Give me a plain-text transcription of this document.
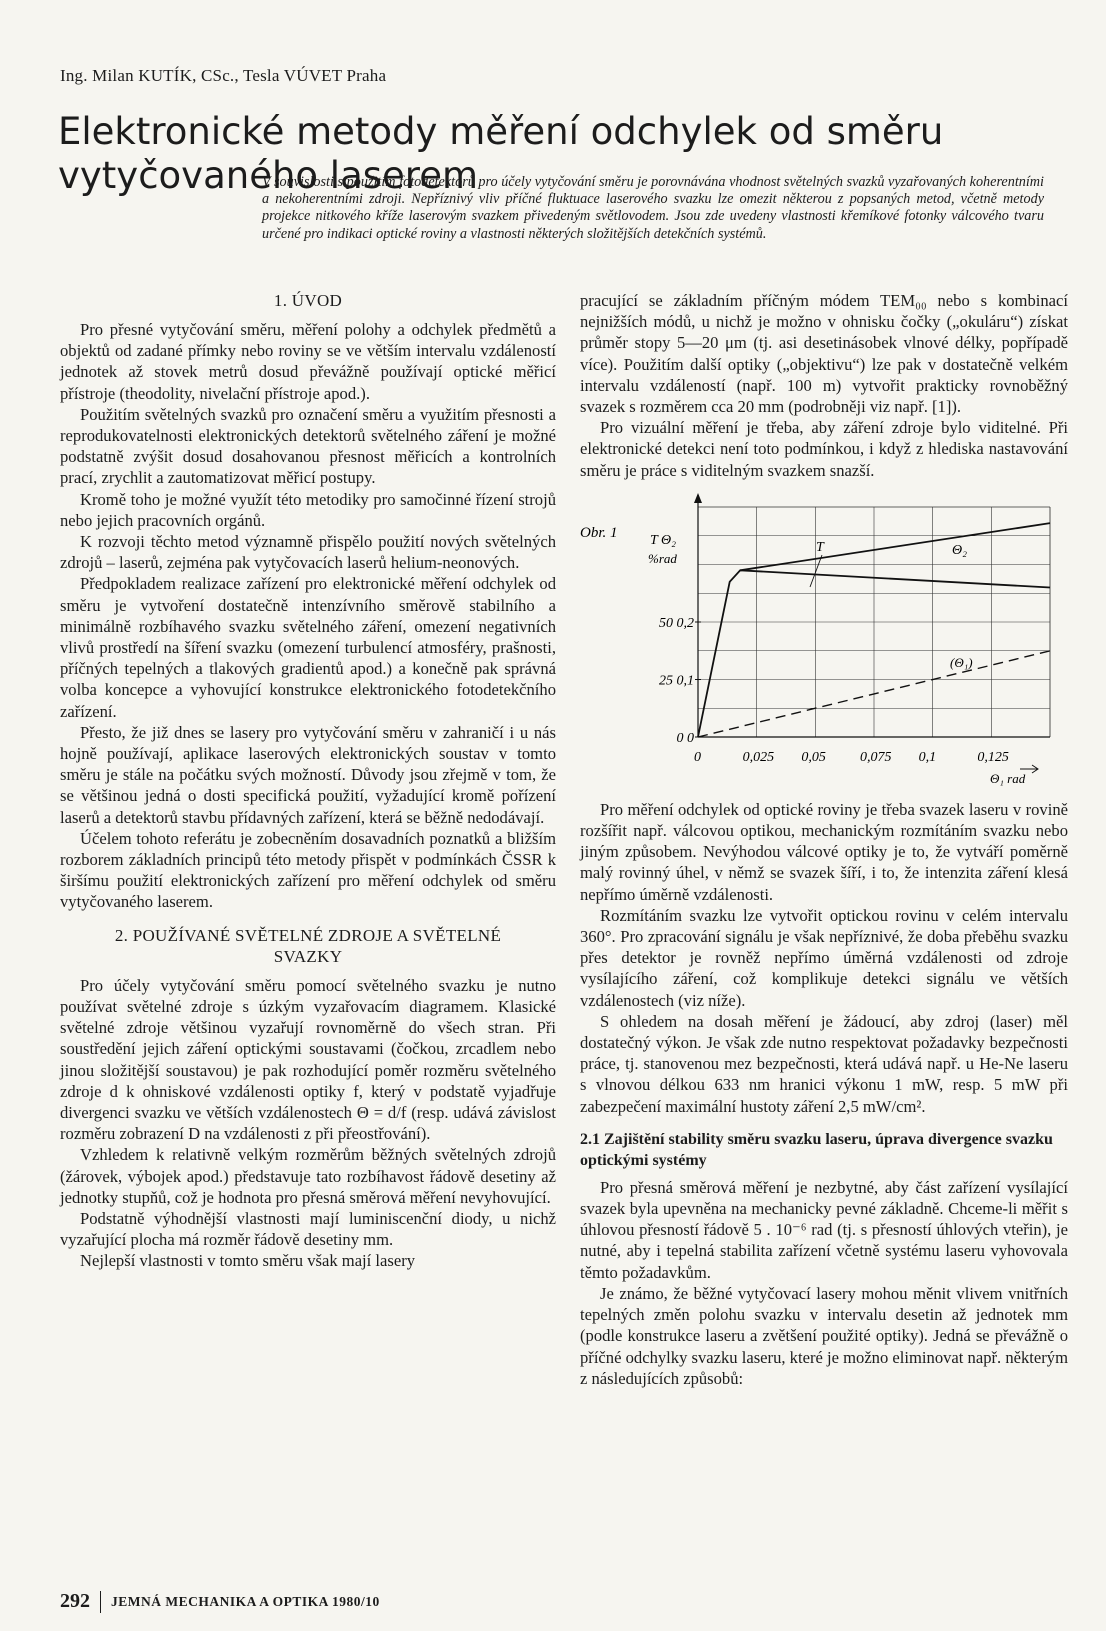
Ing. Milan KUTÍK, CSc., Tesla VÚVET Praha
Elektronické metody měření odchylek od směru vytyčovaného laserem

V souvislosti s použitím fotodetektorů pro účely vytyčování směru je porovnávána vhodnost světelných svazků vyzařovaných koherentními a nekoherentními zdroji. Nepříznivý vliv příčné fluktuace laserového svazku lze omezit některou z popsaných metod, včetně metody projekce nitkového kříže laserovým svazkem přivedeným světlovodem. Jsou zde uvedeny vlastnosti křemíkové fotonky válcového tvaru určené pro indikaci optické roviny a vlastnosti některých složitějších detekčních systémů.

1. ÚVOD

Pro přesné vytyčování směru, měření polohy a odchylek předmětů a objektů od zadané přímky nebo roviny se ve větším intervalu vzdáleností jednotek až stovek metrů dosud převážně používají optické měřicí přístroje (theodolity, nivelační přístroje apod.).

Použitím světelných svazků pro označení směru a využitím přesnosti a reprodukovatelnosti elektronických detektorů světelného záření je možné podstatně zvýšit dosud dosahovanou přesnost měřicích a kontrolních prací, zrychlit a zautomatizovat měřicí postupy.

Kromě toho je možné využít této metodiky pro samočinné řízení strojů nebo jejich pracovních orgánů.

K rozvoji těchto metod významně přispělo použití nových světelných zdrojů – laserů, zejména pak vytyčovacích laserů helium-neonových.

Předpokladem realizace zařízení pro elektronické měření odchylek od směru je vytvoření dostatečně intenzívního směrově stabilního a minimálně rozbíhavého svazku světelného záření, omezení negativních vlivů prostředí na šíření svazku (omezení turbulencí atmosféry, prašnosti, příčných tepelných a tlakových gradientů apod.) a konečně pak správná volba koncepce a vyhovující konstrukce elektronického fotodetekčního zařízení.

Přesto, že již dnes se lasery pro vytyčování směru v zahraničí i u nás hojně používají, aplikace laserových elektronických soustav v tomto směru je stále na počátku svých možností. Důvody jsou zřejmě v tom, že se většinou jedná o dosti specifická použití, vyžadující kromě pořízení laserů a detektorů stavbu přídavných zařízení, která se běžně nedodávají.

Účelem tohoto referátu je zobecněním dosavadních poznatků a bližším rozborem základních principů této metody přispět v podmínkách ČSSR k širšímu použití elektronických zařízení pro měření odchylek od směru vytyčovaného laserem.

2. POUŽÍVANÉ SVĚTELNÉ ZDROJE A SVĚTELNÉ
SVAZKY

Pro účely vytyčování směru pomocí světelného svazku je nutno používat světelné zdroje s úzkým vyzařovacím diagramem. Klasické světelné zdroje většinou vyzařují rovnoměrně do všech stran. Při soustředění jejich záření optickými soustavami (čočkou, zrcadlem nebo jinou složitější soustavou) je pak rozhodující poměr rozměru světelného zdroje d k ohniskové vzdálenosti optiky f, který v podstatě vyjadřuje divergenci svazku ve větších vzdálenostech Θ = d/f (resp. udává závislost rozměru zobrazení D na vzdálenosti z při přeostřování).

Vzhledem k relativně velkým rozměrům běžných světelných zdrojů (žárovek, výbojek apod.) představuje tato rozbíhavost řádově desetiny až jednotky stupňů, což je hodnota pro přesná směrová měření nevyhovující.

Podstatně výhodnější vlastnosti mají luminiscenční diody, u nichž vyzařující plocha má rozměr řádově desetiny mm.

Nejlepší vlastnosti v tomto směru však mají lasery

pracující se základním příčným módem TEM₀₀ nebo s kombinací nejnižších módů, u nichž je možno v ohnisku čočky („okuláru“) získat průměr stopy 5—20 μm (tj. asi desetinásobek vlnové délky, popřípadě více). Použitím další optiky („objektivu“) lze pak v dostatečně velkém intervalu vzdáleností (např. 100 m) vytvořit prakticky rovnoběžný svazek s rozměrem cca 20 mm (podrobněji viz např. [1]).

Pro vizuální měření je třeba, aby záření zdroje bylo viditelné. Při elektronické detekci není toto podmínkou, i když z hlediska nastavování směru je práce s viditelným svazkem snazší.

Obr. 1 T Θ₂
%rad
0	0,025 0,05 0,075 0,1	0,125
0 0
25 0,1
50 0,2
Θ₁ rad
T	Θ₂
(Θ₁)

Pro měření odchylek od optické roviny je třeba svazek laseru v rovině rozšířit např. válcovou optikou, mechanickým rozmítáním svazku nebo jiným způsobem. Nevýhodou válcové optiky je to, že vytváří poměrně malý rovinný úhel, v němž se svazek šíří, i to, že intenzita záření klesá nepřímo úměrně vzdálenosti.

Rozmítáním svazku lze vytvořit optickou rovinu v celém intervalu 360°. Pro zpracování signálu je však nepříznivé, že doba přeběhu svazku přes detektor je rovněž nepřímo úměrná vzdálenosti od zdroje vysílajícího záření, což komplikuje detekci signálu ve větších vzdálenostech (viz níže).

S ohledem na dosah měření je žádoucí, aby zdroj (laser) měl dostatečný výkon. Je však zde nutno respektovat požadavky bezpečnosti práce, tj. stanovenou mez bezpečnosti, která udává např. u He-Ne laseru s vlnovou délkou 633 nm hranici výkonu 1 mW, resp. 5 mW při zabezpečení maximální hustoty záření 2,5 mW/cm².

2.1 Zajištění stability směru svazku laseru, úprava divergence svazku optickými systémy

Pro přesná směrová měření je nezbytné, aby část zařízení vysílající svazek byla upevněna na mechanicky pevné základně. Chceme-li měřit s úhlovou přesností řádově 5 . 10⁻⁶ rad (tj. s přesností úhlových vteřin), je nutné, aby i tepelná stabilita zařízení včetně systému laseru vyhovovala těmto požadavkům.

Je známo, že běžné vytyčovací lasery mohou měnit vlivem vnitřních tepelných změn polohu svazku v intervalu desetin až jednotek mm (podle konstrukce laseru a zvětšení použité optiky). Jedná se převážně o příčné odchylky svazku laseru, které je možno eliminovat např. některým z následujících způsobů:

292 JEMNÁ MECHANIKA A OPTIKA 1980/10
